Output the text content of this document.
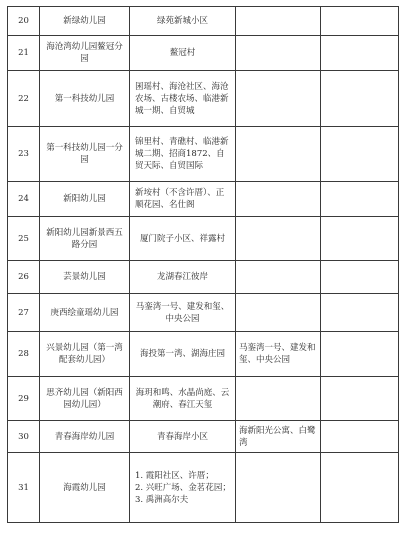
20	新绿幼儿园	绿苑新城小区		
21	海沧湾幼儿园鳌冠分园	鳌冠村		
22	第一科技幼儿园	囷瑶村、海沧社区、海沧农场、古楼农场、临港新城一期、自贸城		
23	第一科技幼儿园一分园	锦里村、青礁村、临港新城二期、招商1872、自贸天际、自贸国际		
24	新阳幼儿园	新垵村（不含许厝）、正顺花园、名仕阁		
25	新阳幼儿园新景西五路分园	厦门院子小区、祥露村		
26	芸景幼儿园	龙湖春江彼岸		
27	庚西绘童瑶幼儿园	马銮湾一号、建发和玺、中央公园		
28	兴景幼儿园（第一湾配套幼儿园）	海投第一湾、湖海庄园	马銮湾一号、建发和玺、中央公园	
29	思齐幼儿园（新阳西园幼儿园）	海玥和鸣、水晶尚庭、云潮府、春江天玺		
30	青春海岸幼儿园	青春海岸小区	海新阳光公寓、白鹭湾	
31	海霞幼儿园	1. 霞阳社区、许厝；
2. 兴旺广场、金茗花园；
3. 禹洲高尔夫		
